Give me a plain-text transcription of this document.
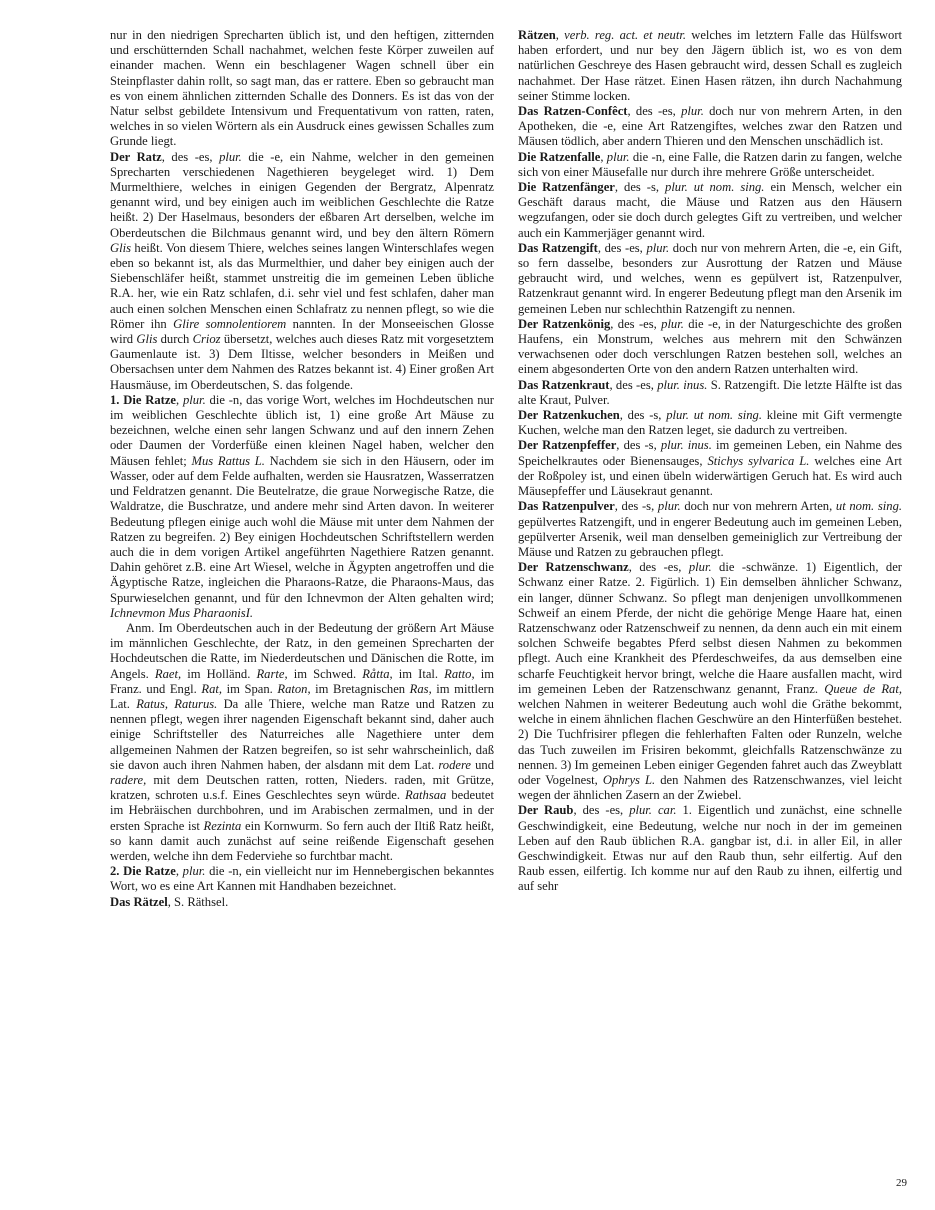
nur in den niedrigen Sprecharten üblich ist, und den heftigen, zitternden und erschütternden Schall nachahmet, welchen feste Körper zuweilen auf einander machen. Wenn ein beschlagener Wagen schnell über ein Steinpflaster dahin rollt, so sagt man, das er rattere. Eben so gebraucht man es von einem ähnlichen zitternden Schalle des Donners. Es ist das von der Natur selbst gebildete Intensivum und Frequentativum von ratten, raten, welches in so vielen Wörtern als ein Ausdruck eines gewissen Schalles zum Grunde liegt.

Der Ratz, des -es, plur. die -e, ein Nahme, welcher in den gemeinen Sprecharten verschiedenen Nagethieren beygeleget wird. 1) Dem Murmelthiere, welches in einigen Gegenden der Bergratz, Alpenratz genannt wird, und bey einigen auch im weiblichen Geschlechte die Ratze heißt. 2) Der Haselmaus, besonders der eßbaren Art derselben, welche im Oberdeutschen die Bilchmaus genannt wird, und bey den ältern Römern Glis heißt. Von diesem Thiere, welches seines langen Winterschlafes wegen eben so bekannt ist, als das Murmelthier, und daher bey einigen auch der Siebenschläfer heißt, stammet unstreitig die im gemeinen Leben übliche R.A. her, wie ein Ratz schlafen, d.i. sehr viel und fest schlafen, daher man auch einen solchen Menschen einen Schlafratz zu nennen pflegt, so wie die Römer ihn Glire somnolentiorem nannten. In der Monseeischen Glosse wird Glis durch Crioz übersetzt, welches auch dieses Ratz mit vorgesetztem Gaumenlaute ist. 3) Dem Iltisse, welcher besonders in Meißen und Obersachsen unter dem Nahmen des Ratzes bekannt ist. 4) Einer großen Art Hausmäuse, im Oberdeutschen, S. das folgende.

1. Die Ratze, plur. die -n, das vorige Wort, welches im Hochdeutschen nur im weiblichen Geschlechte üblich ist, 1) eine große Art Mäuse zu bezeichnen, welche einen sehr langen Schwanz und auf den innern Zehen oder Daumen der Vorderfüße einen kleinen Nagel haben, welcher den Mäusen fehlet; Mus Rattus L. Nachdem sie sich in den Häusern, oder im Wasser, oder auf dem Felde aufhalten, werden sie Hausratzen, Wasserratzen und Feldratzen genannt. Die Beutelratze, die graue Norwegische Ratze, die Waldratze, die Buschratze, und andere mehr sind Arten davon. In weiterer Bedeutung pflegen einige auch wohl die Mäuse mit unter dem Nahmen der Ratzen zu begreifen. 2) Bey einigen Hochdeutschen Schriftstellern werden auch die in dem vorigen Artikel angeführten Nagethiere Ratzen genannt. Dahin gehöret z.B. eine Art Wiesel, welche in Ägypten angetroffen und die Ägyptische Ratze, ingleichen die Pharaons-Ratze, die Pharaons-Maus, das Spurwieselchen genannt, und für den Ichnevmon der Alten gehalten wird; Ichnevmon Mus PharaonisI.

Anm. Im Oberdeutschen auch in der Bedeutung der größern Art Mäuse im männlichen Geschlechte, der Ratz, in den gemeinen Sprecharten der Hochdeutschen die Ratte, im Niederdeutschen und Dänischen die Rotte, im Angels. Raet, im Holländ. Rarte, im Schwed. Råtta, im Ital. Ratto, im Franz. und Engl. Rat, im Span. Raton, im Bretagnischen Ras, im mittlern Lat. Ratus, Raturus. Da alle Thiere, welche man Ratze und Ratzen zu nennen pflegt, wegen ihrer nagenden Eigenschaft bekannt sind, daher auch einige Schriftsteller des Naturreiches alle Nagethiere unter dem allgemeinen Nahmen der Ratzen begreifen, so ist sehr wahrscheinlich, daß sie davon auch ihren Nahmen haben, der alsdann mit dem Lat. rodere und radere, mit dem Deutschen ratten, rotten, Nieders. raden, mit Grütze, kratzen, schroten u.s.f. Eines Geschlechtes seyn würde. Rathsaa bedeutet im Hebräischen durchbohren, und im Arabischen zermalmen, und in der ersten Sprache ist Rezinta ein Kornwurm. So fern auch der Iltiß Ratz heißt, so kann damit auch zunächst auf seine reißende Eigenschaft gesehen werden, welche ihn dem Federviehe so furchtbar macht.

2. Die Ratze, plur. die -n, ein vielleicht nur im Hennebergischen bekanntes Wort, wo es eine Art Kannen mit Handhaben bezeichnet.

Das Rätzel, S. Räthsel.

Rätzen, verb. reg. act. et neutr. welches im letztern Falle das Hülfswort haben erfordert, und nur bey den Jägern üblich ist, wo es von dem natürlichen Geschreye des Hasen gebraucht wird, dessen Schall es zugleich nachahmet. Der Hase rätzet. Einen Hasen rätzen, ihn durch Nachahmung seiner Stimme locken.

Das Ratzen-Confêct, des -es, plur. doch nur von mehrern Arten, in den Apotheken, die -e, eine Art Ratzengiftes, welches zwar den Ratzen und Mäusen tödlich, aber andern Thieren und den Menschen unschädlich ist.

Die Ratzenfalle, plur. die -n, eine Falle, die Ratzen darin zu fangen, welche sich von einer Mäusefalle nur durch ihre mehrere Größe unterscheidet.

Die Ratzenfänger, des -s, plur. ut nom. sing. ein Mensch, welcher ein Geschäft daraus macht, die Mäuse und Ratzen aus den Häusern wegzufangen, oder sie doch durch gelegtes Gift zu vertreiben, und welcher auch ein Kammerjäger genannt wird.

Das Ratzengift, des -es, plur. doch nur von mehrern Arten, die -e, ein Gift, so fern dasselbe, besonders zur Ausrottung der Ratzen und Mäuse gebraucht wird, und welches, wenn es gepülvert ist, Ratzenpulver, Ratzenkraut genannt wird. In engerer Bedeutung pflegt man den Arsenik im gemeinen Leben nur schlechthin Ratzengift zu nennen.

Der Ratzenkönig, des -es, plur. die -e, in der Naturgeschichte des großen Haufens, ein Monstrum, welches aus mehrern mit den Schwänzen verwachsenen oder doch verschlungen Ratzen bestehen soll, welches an einem abgesonderten Orte von den andern Ratzen unterhalten wird.

Das Ratzenkraut, des -es, plur. inus. S. Ratzengift. Die letzte Hälfte ist das alte Kraut, Pulver.

Der Ratzenkuchen, des -s, plur. ut nom. sing. kleine mit Gift vermengte Kuchen, welche man den Ratzen leget, sie dadurch zu vertreiben.

Der Ratzenpfeffer, des -s, plur. inus. im gemeinen Leben, ein Nahme des Speichelkrautes oder Bienensauges, Stichys sylvarica L. welches eine Art der Roßpoley ist, und einen übeln widerwärtigen Geruch hat. Es wird auch Mäusepfeffer und Läusekraut genannt.

Das Ratzenpulver, des -s, plur. doch nur von mehrern Arten, ut nom. sing. gepülvertes Ratzengift, und in engerer Bedeutung auch im gemeinen Leben, gepülverter Arsenik, weil man denselben gemeiniglich zur Vertreibung der Mäuse und Ratzen zu gebrauchen pflegt.

Der Ratzenschwanz, des -es, plur. die -schwänze. 1) Eigentlich, der Schwanz einer Ratze. 2. Figürlich. 1) Ein demselben ähnlicher Schwanz, ein langer, dünner Schwanz. So pflegt man denjenigen unvollkommenen Schweif an einem Pferde, der nicht die gehörige Menge Haare hat, einen Ratzenschwanz oder Ratzenschweif zu nennen, da denn auch ein mit einem solchen Schweife begabtes Pferd selbst diesen Nahmen zu bekommen pflegt. Auch eine Krankheit des Pferdeschweifes, da aus demselben eine scharfe Feuchtigkeit hervor bringt, welche die Haare ausfallen macht, wird im gemeinen Leben der Ratzenschwanz genannt, Franz. Queue de Rat, welchen Nahmen in weiterer Bedeutung auch wohl die Gräthe bekommt, welche in einem ähnlichen flachen Geschwüre an den Hinterfüßen bestehet. 2) Die Tuchfrisirer pflegen die fehlerhaften Falten oder Runzeln, welche das Tuch zuweilen im Frisiren bekommt, gleichfalls Ratzenschwänze zu nennen. 3) Im gemeinen Leben einiger Gegenden fahret auch das Zweyblatt oder Vogelnest, Ophrys L. den Nahmen des Ratzenschwanzes, viel leicht wegen der ähnlichen Zasern an der Zwiebel.

Der Raub, des -es, plur. car. 1. Eigentlich und zunächst, eine schnelle Geschwindigkeit, eine Bedeutung, welche nur noch in der im gemeinen Leben auf den Raub üblichen R.A. gangbar ist, d.i. in aller Eil, in aller Geschwindigkeit. Etwas nur auf den Raub thun, sehr eilfertig. Auf den Raub essen, eilfertig. Ich komme nur auf den Raub zu ihnen, eilfertig und auf sehr

29
